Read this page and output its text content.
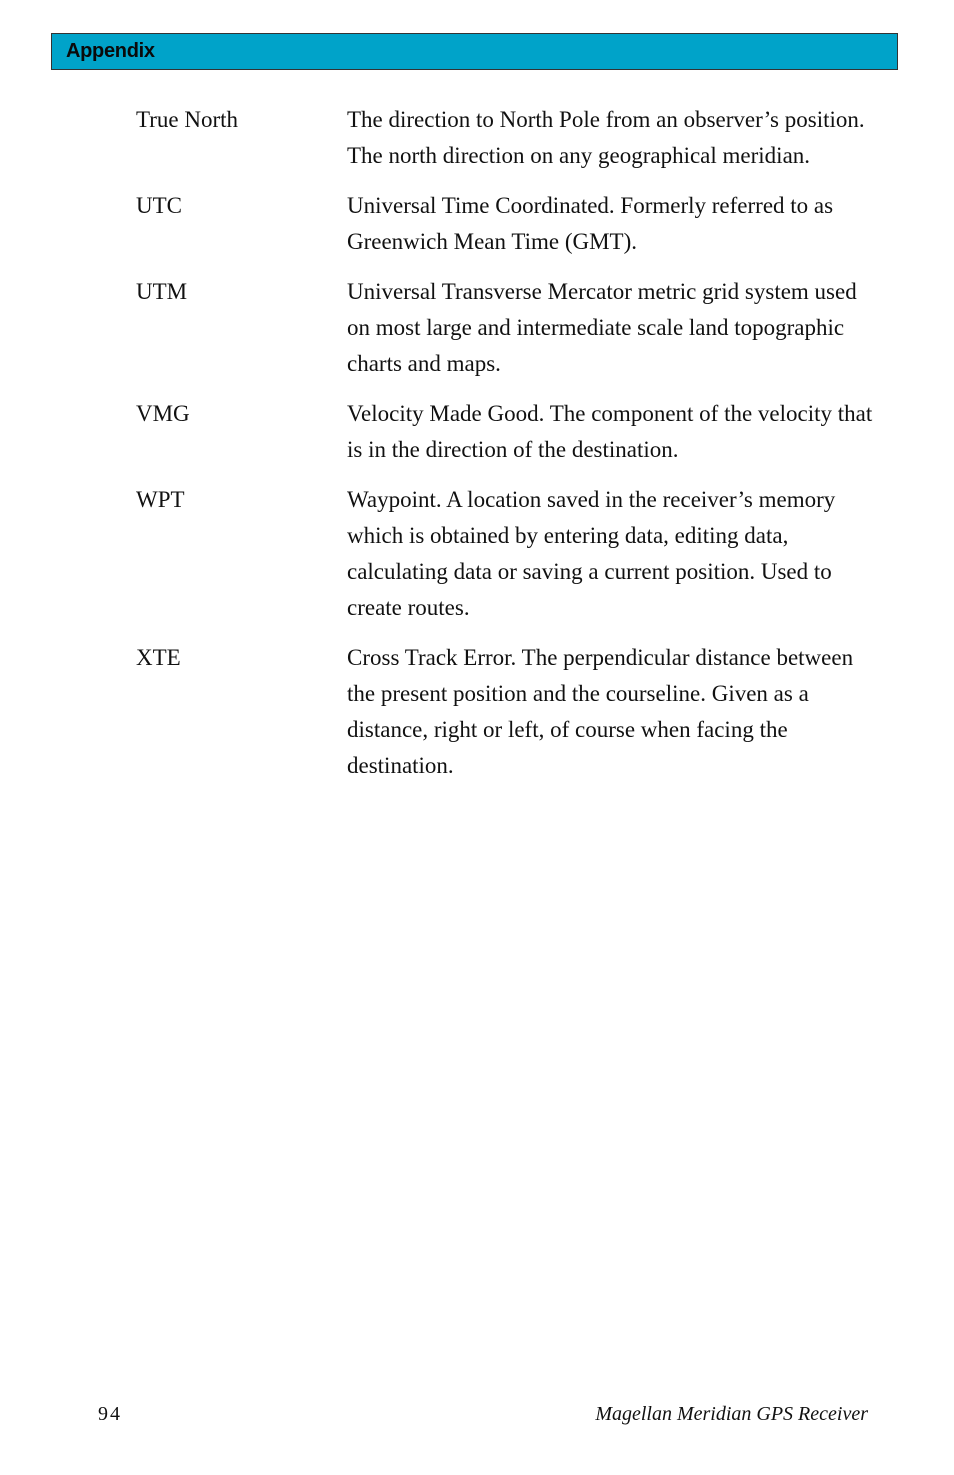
Appendix
True North	The direction to North Pole from an observer’s position. The north direction on any geographical meridian.
UTC	Universal Time Coordinated. Formerly referred to as Greenwich Mean Time (GMT).
UTM	Universal Transverse Mercator metric grid system used on most large and intermediate scale land topographic charts and maps.
VMG	Velocity Made Good. The component of the velocity that is in the direction of the destination.
WPT	Waypoint. A location saved in the receiver’s memory which is obtained by entering data, editing data, calculating data or saving a current position. Used to create routes.
XTE	Cross Track Error. The perpendicular distance between the present position and the courseline. Given as a distance, right or left, of course when facing the destination.
94	Magellan Meridian GPS Receiver
